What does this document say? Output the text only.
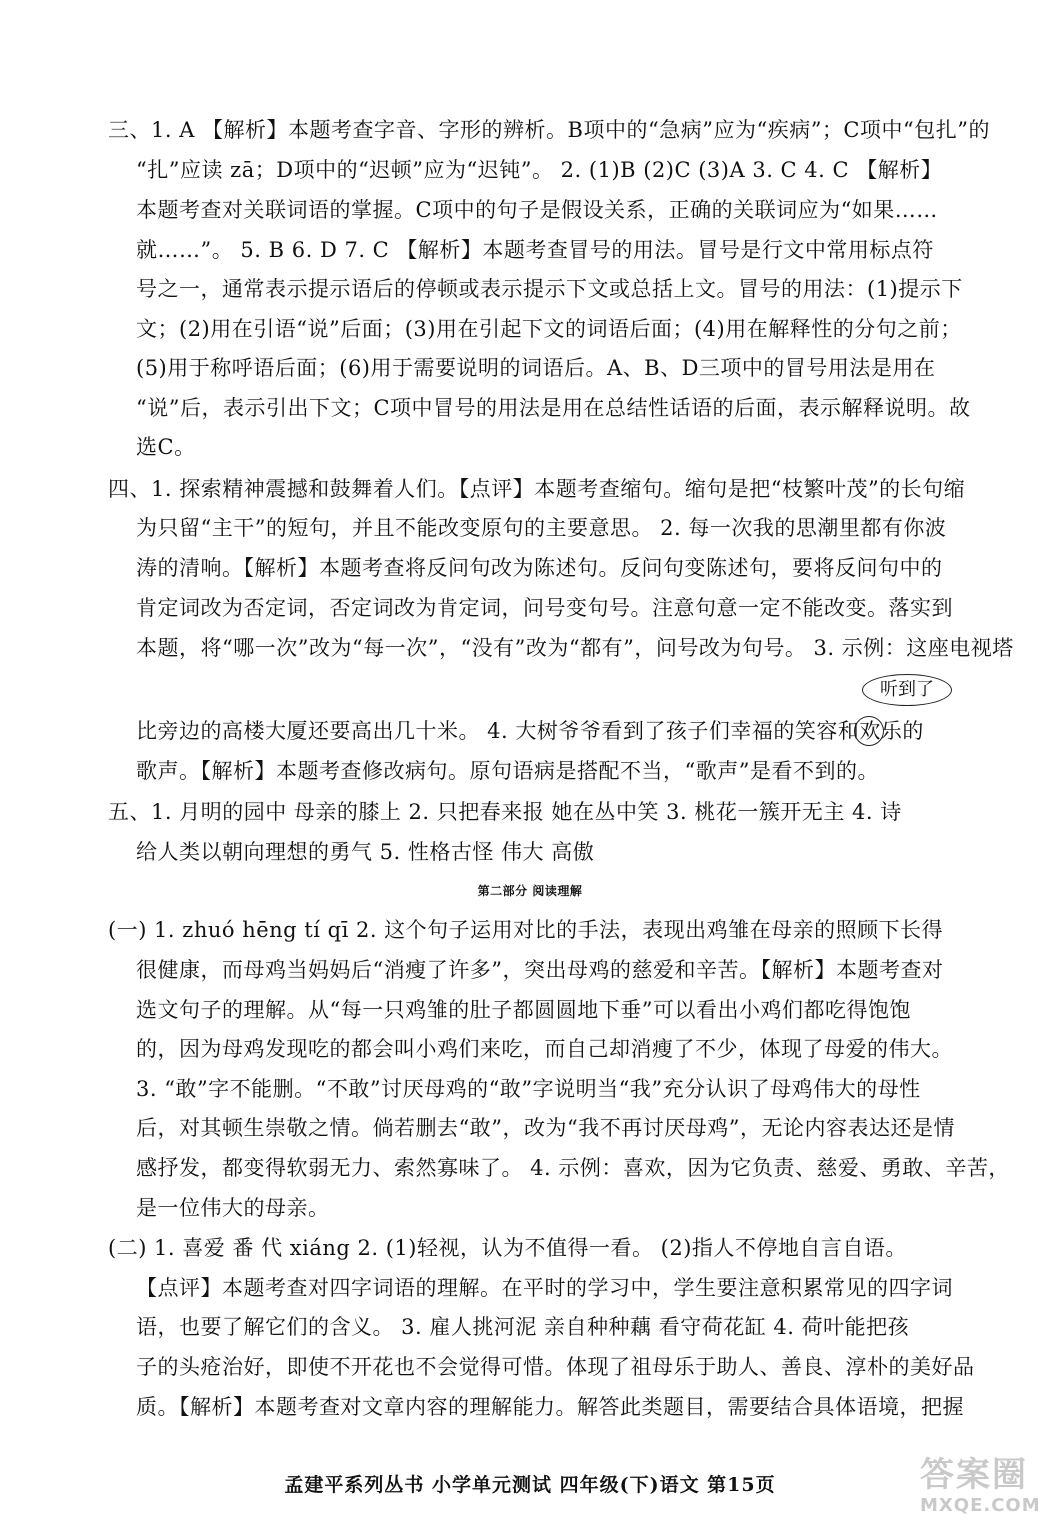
三、1. A 【解析】本题考查字音、字形的辨析。B项中的“急病”应为“疾病”；C项中“包扎”的
“扎”应读 zā；D项中的“迟顿”应为“迟钝”。 2. (1)B (2)C (3)A 3. C 4. C 【解析】
本题考查对关联词语的掌握。C项中的句子是假设关系，正确的关联词应为“如果……
就……”。 5. B 6. D 7. C 【解析】本题考查冒号的用法。冒号是行文中常用标点符
号之一，通常表示提示语后的停顿或表示提示下文或总括上文。冒号的用法：(1)提示下
文；(2)用在引语“说”后面；(3)用在引起下文的词语后面；(4)用在解释性的分句之前；
(5)用于称呼语后面；(6)用于需要说明的词语后。A、B、D三项中的冒号用法是用在
“说”后，表示引出下文；C项中冒号的用法是用在总结性话语的后面，表示解释说明。故
选C。
四、1. 探索精神震撼和鼓舞着人们。【点评】本题考查缩句。缩句是把“枝繁叶茂”的长句缩
为只留“主干”的短句，并且不能改变原句的主要意思。 2. 每一次我的思潮里都有你波
涛的清响。【解析】本题考查将反问句改为陈述句。反问句变陈述句，要将反问句中的
肯定词改为否定词，否定词改为肯定词，问号变句号。注意句意一定不能改变。落实到
本题，将“哪一次”改为“每一次”，“没有”改为“都有”，问号改为句号。 3. 示例：这座电视塔
听到了
比旁边的高楼大厦还要高出几十米。 4. 大树爷爷看到了孩子们幸福的笑容和欢乐的
歌声。【解析】本题考查修改病句。原句语病是搭配不当，“歌声”是看不到的。
五、1. 月明的园中 母亲的膝上 2. 只把春来报 她在丛中笑 3. 桃花一簇开无主 4. 诗
给人类以朝向理想的勇气 5. 性格古怪 伟大 高傲
第二部分 阅读理解
(一) 1. zhuó hēng tí qī 2. 这个句子运用对比的手法，表现出鸡雏在母亲的照顾下长得
很健康，而母鸡当妈妈后“消瘦了许多”，突出母鸡的慈爱和辛苦。【解析】本题考查对
选文句子的理解。从“每一只鸡雏的肚子都圆圆地下垂”可以看出小鸡们都吃得饱饱
的，因为母鸡发现吃的都会叫小鸡们来吃，而自己却消瘦了不少，体现了母爱的伟大。
3. “敢”字不能删。“不敢”讨厌母鸡的“敢”字说明当“我”充分认识了母鸡伟大的母性
后，对其顿生崇敬之情。倘若删去“敢”，改为“我不再讨厌母鸡”，无论内容表达还是情
感抒发，都变得软弱无力、索然寡味了。 4. 示例：喜欢，因为它负责、慈爱、勇敢、辛苦，
是一位伟大的母亲。
(二) 1. 喜爱 番 代 xiáng 2. (1)轻视，认为不值得一看。 (2)指人不停地自言自语。
【点评】本题考查对四字词语的理解。在平时的学习中，学生要注意积累常见的四字词
语，也要了解它们的含义。 3. 雇人挑河泥 亲自种种藕 看守荷花缸 4. 荷叶能把孩
子的头疮治好，即使不开花也不会觉得可惜。体现了祖母乐于助人、善良、淳朴的美好品
质。【解析】本题考查对文章内容的理解能力。解答此类题目，需要结合具体语境，把握
孟建平系列丛书 小学单元测试 四年级(下)语文 第15页	答案圈
MXQE.COM
